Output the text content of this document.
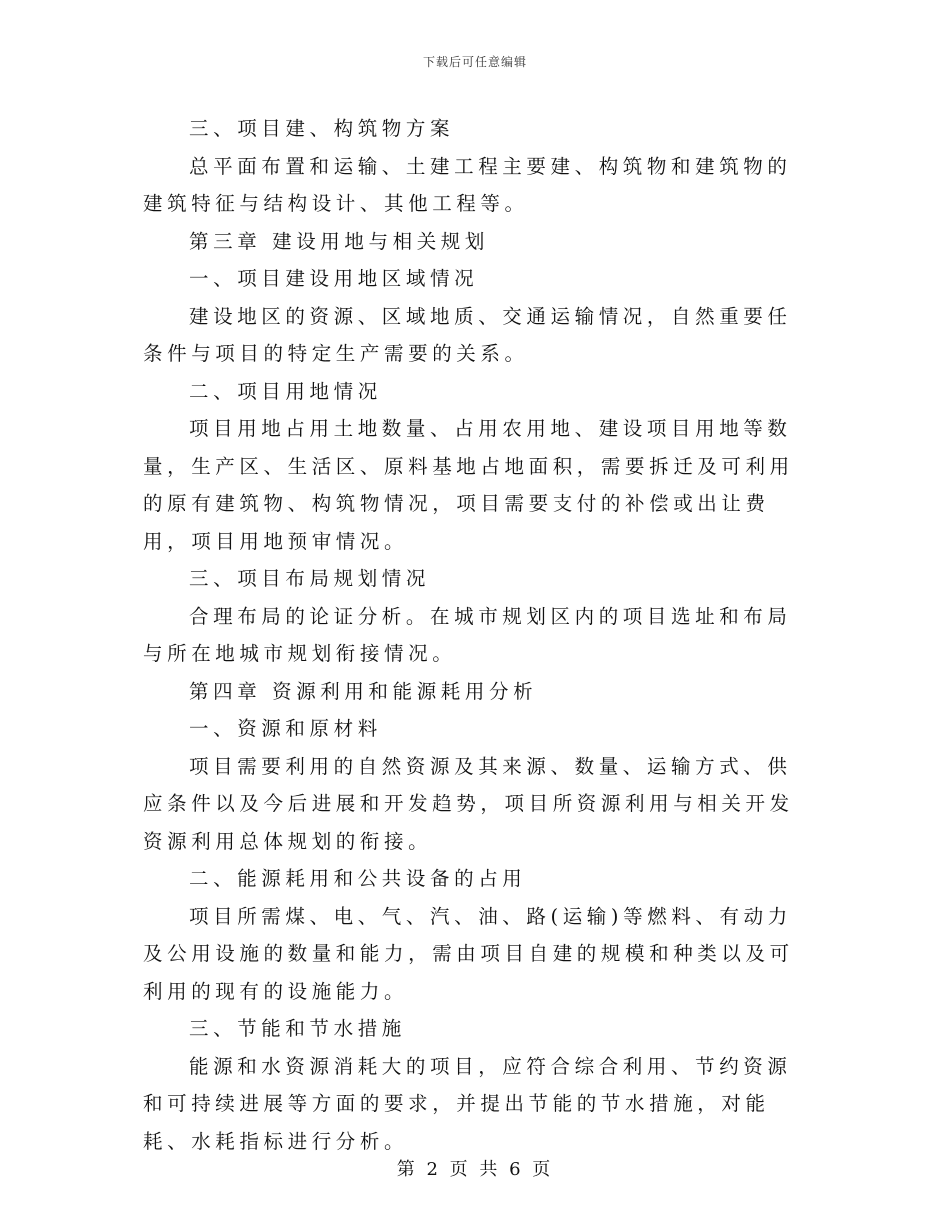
下载后可任意编辑

三、项目建、构筑物方案

总平面布置和运输、土建工程主要建、构筑物和建筑物的建筑特征与结构设计、其他工程等。

第三章 建设用地与相关规划

一、项目建设用地区域情况

建设地区的资源、区域地质、交通运输情况，自然重要任条件与项目的特定生产需要的关系。

二、项目用地情况

项目用地占用土地数量、占用农用地、建设项目用地等数量，生产区、生活区、原料基地占地面积，需要拆迁及可利用的原有建筑物、构筑物情况，项目需要支付的补偿或出让费用，项目用地预审情况。

三、项目布局规划情况

合理布局的论证分析。在城市规划区内的项目选址和布局与所在地城市规划衔接情况。

第四章 资源利用和能源耗用分析

一、资源和原材料

项目需要利用的自然资源及其来源、数量、运输方式、供应条件以及今后进展和开发趋势，项目所资源利用与相关开发资源利用总体规划的衔接。

二、能源耗用和公共设备的占用

项目所需煤、电、气、汽、油、路(运输)等燃料、有动力及公用设施的数量和能力，需由项目自建的规模和种类以及可利用的现有的设施能力。

三、节能和节水措施

能源和水资源消耗大的项目，应符合综合利用、节约资源和可持续进展等方面的要求，并提出节能的节水措施，对能耗、水耗指标进行分析。

第 2 页 共 6 页
